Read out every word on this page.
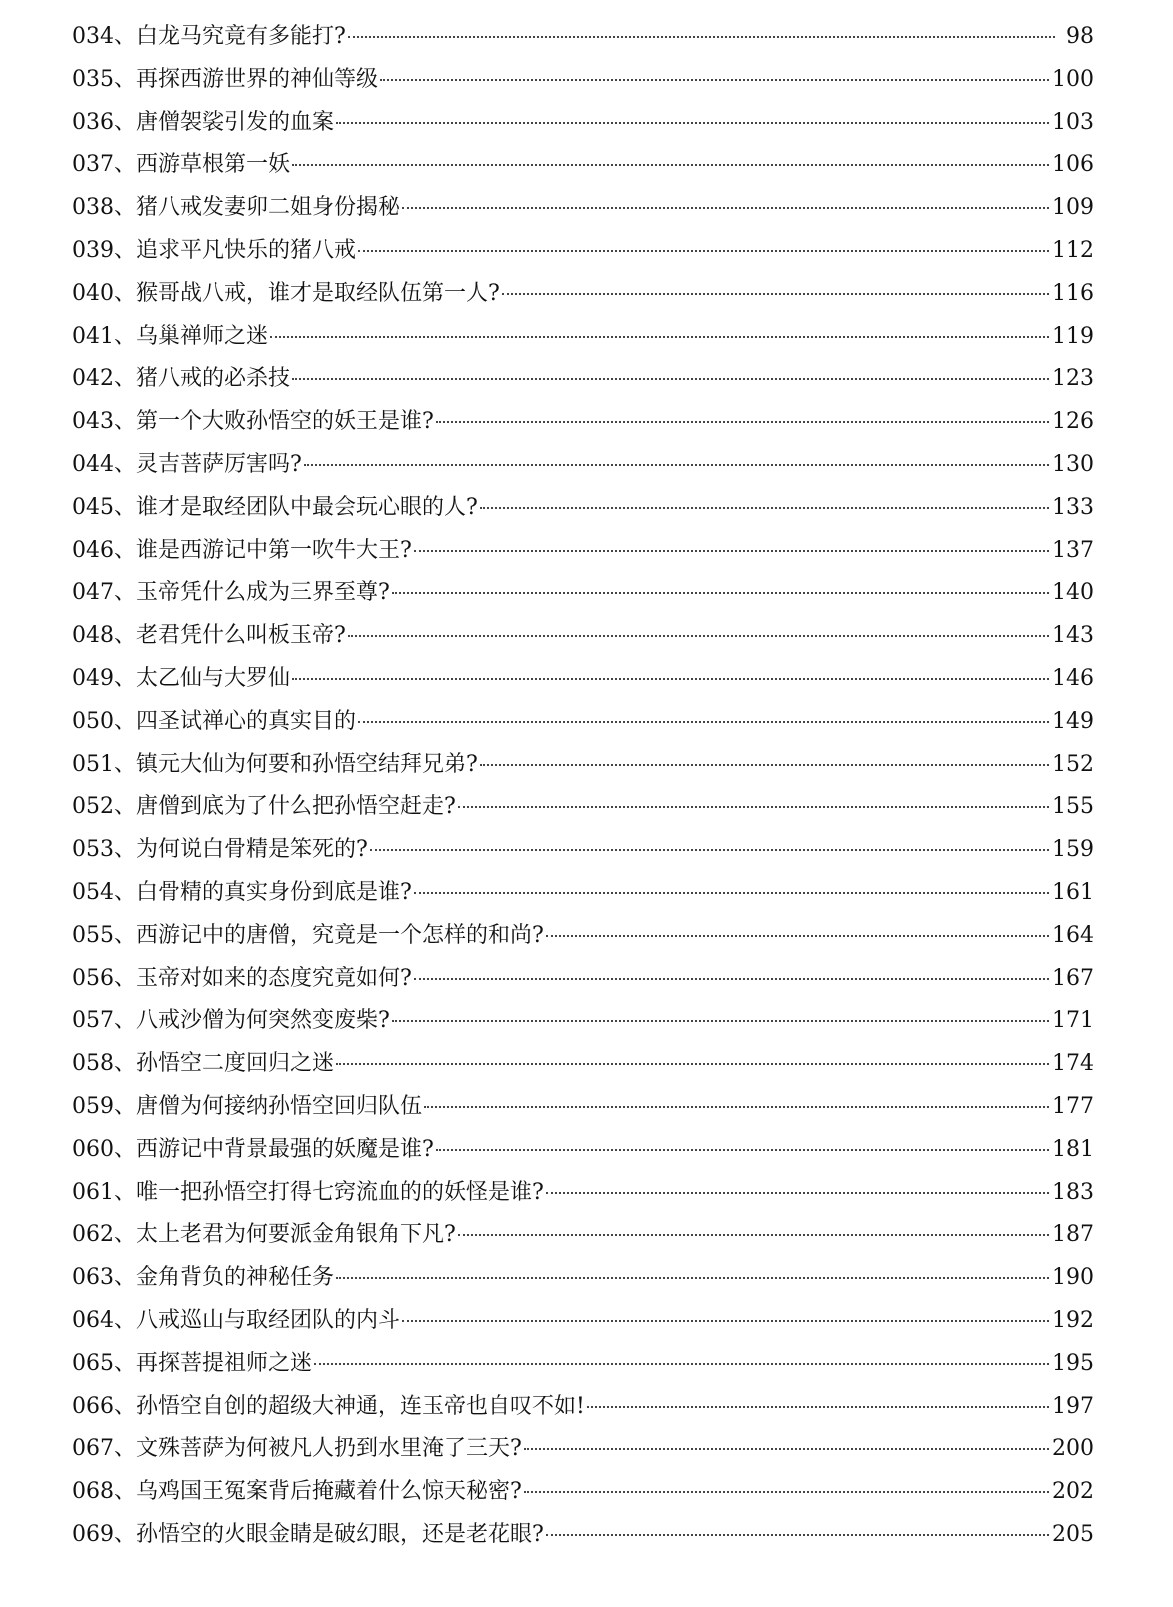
034 、 白龙马究竟有多能打?	98
035 、 再探西游世界的神仙等级	100
036 、 唐僧袈裟引发的血案	103
037 、 西游草根第一妖	106
038 、 猪八戒发妻卯二姐身份揭秘	109
039 、 追求平凡快乐的猪八戒	112
040 、 猴哥战八戒，谁才是取经队伍第一人?	116
041 、 乌巢禅师之迷	119
042 、 猪八戒的必杀技	123
043 、 第一个大败孙悟空的妖王是谁?	126
044 、 灵吉菩萨厉害吗?	130
045 、 谁才是取经团队中最会玩心眼的人?	133
046 、 谁是西游记中第一吹牛大王?	137
047 、 玉帝凭什么成为三界至尊?	140
048 、 老君凭什么叫板玉帝?	143
049 、 太乙仙与大罗仙	146
050 、 四圣试禅心的真实目的	149
051 、 镇元大仙为何要和孙悟空结拜兄弟?	152
052 、 唐僧到底为了什么把孙悟空赶走?	155
053 、 为何说白骨精是笨死的?	159
054 、 白骨精的真实身份到底是谁?	161
055 、 西游记中的唐僧，究竟是一个怎样的和尚?	164
056 、 玉帝对如来的态度究竟如何?	167
057 、 八戒沙僧为何突然变废柴?	171
058 、 孙悟空二度回归之迷	174
059 、 唐僧为何接纳孙悟空回归队伍	177
060 、 西游记中背景最强的妖魔是谁?	181
061 、 唯一把孙悟空打得七窍流血的的妖怪是谁?	183
062 、 太上老君为何要派金角银角下凡?	187
063 、 金角背负的神秘任务	190
064 、 八戒巡山与取经团队的内斗	192
065 、 再探菩提祖师之迷	195
066 、 孙悟空自创的超级大神通，连玉帝也自叹不如!	197
067 、 文殊菩萨为何被凡人扔到水里淹了三天?	200
068 、 乌鸡国王冤案背后掩藏着什么惊天秘密?	202
069 、 孙悟空的火眼金睛是破幻眼，还是老花眼?	205
